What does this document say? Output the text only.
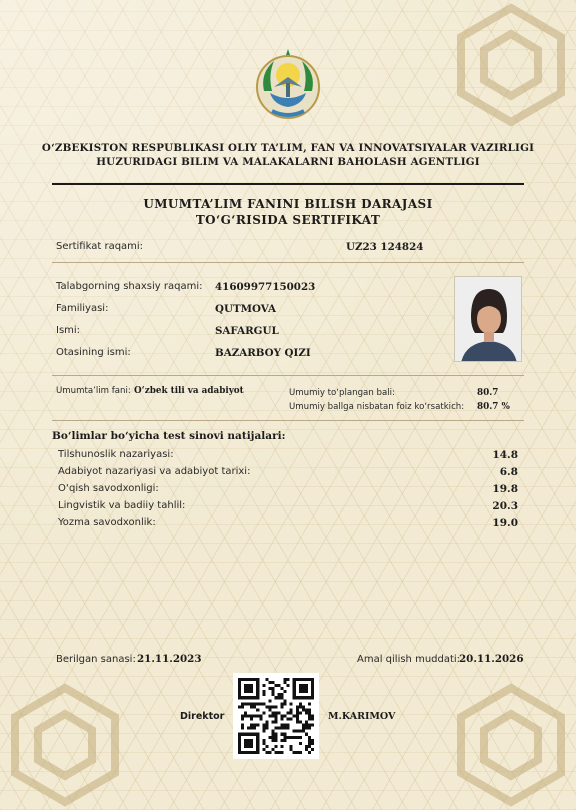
O‘ZBEKISTON RESPUBLIKASI OLIY TA’LIM, FAN VA INNOVATSIYALAR VAZIRLIGI
HUZURIDAGI BILIM VA MALAKALARNI BAHOLASH AGENTLIGI
UMUMTA’LIM FANINI BILISH DARAJASI
TO‘G‘RISIDA SERTIFIKAT
Sertifikat raqami:	UZ23 124824
Talabgorning shaxsiy raqami: 41609977150023
Familiyasi:	QUTMOVA
Ismi:	SAFARGUL
Otasining ismi:	BAZARBOY QIZI
Umumta’lim fani: O‘zbek tili va adabiyot	Umumiy to‘plangan bali:	80.7
Umumiy ballga nisbatan foiz ko‘rsatkich: 80.7 %
Bo‘limlar bo‘yicha test sinovi natijalari:
Tilshunoslik nazariyasi:	14.8
Adabiyot nazariyasi va adabiyot tarixi:	6.8
O‘qish savodxonligi:	19.8
Lingvistik va badiiy tahlil:	20.3
Yozma savodxonlik:	19.0
Berilgan sanasi: 21.11.2023	Amal qilish muddati:
20.11.2026
Direktor	M.KARIMOV
